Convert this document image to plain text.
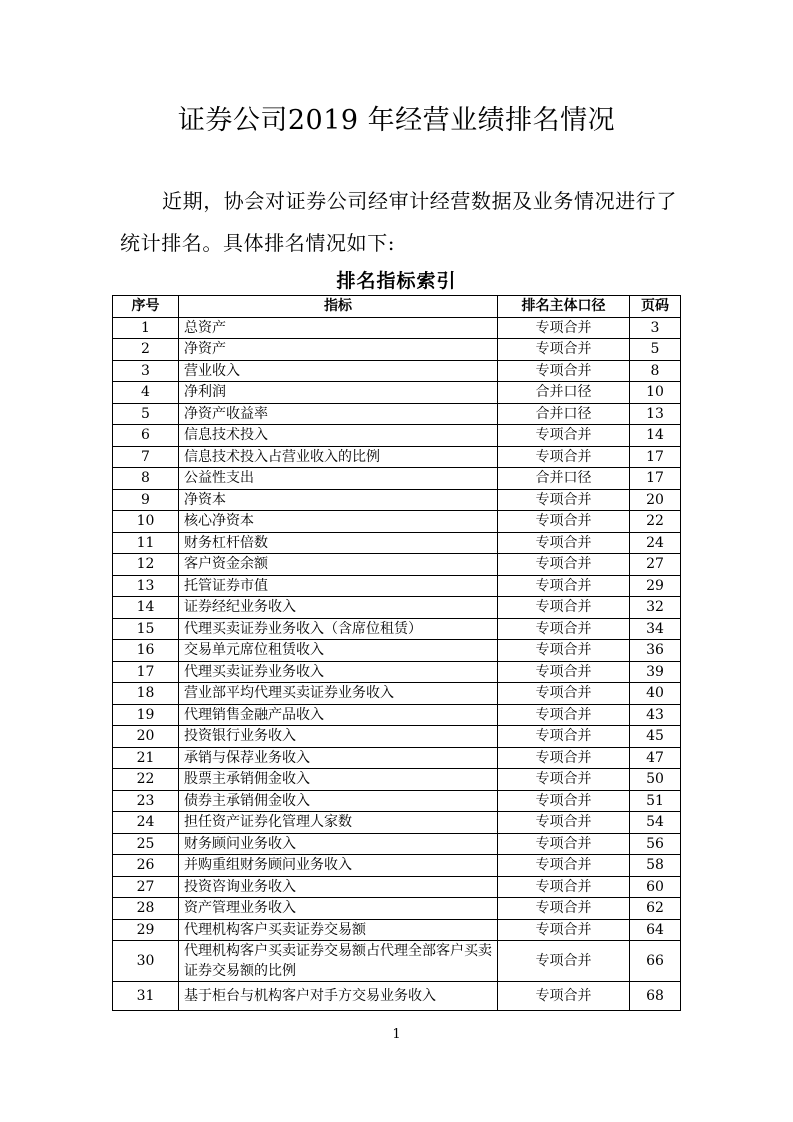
证券公司2019 年经营业绩排名情况

近期，协会对证券公司经审计经营数据及业务情况进行了统计排名。具体排名情况如下:

排名指标索引
序号	指标	排名主体口径	页码
1	总资产	专项合并	3
2	净资产	专项合并	5
3	营业收入	专项合并	8
4	净利润	合并口径	10
5	净资产收益率	合并口径	13
6	信息技术投入	专项合并	14
7	信息技术投入占营业收入的比例	专项合并	17
8	公益性支出	合并口径	17
9	净资本	专项合并	20
10	核心净资本	专项合并	22
11	财务杠杆倍数	专项合并	24
12	客户资金余额	专项合并	27
13	托管证券市值	专项合并	29
14	证券经纪业务收入	专项合并	32
15	代理买卖证券业务收入（含席位租赁）	专项合并	34
16	交易单元席位租赁收入	专项合并	36
17	代理买卖证券业务收入	专项合并	39
18	营业部平均代理买卖证券业务收入	专项合并	40
19	代理销售金融产品收入	专项合并	43
20	投资银行业务收入	专项合并	45
21	承销与保荐业务收入	专项合并	47
22	股票主承销佣金收入	专项合并	50
23	债券主承销佣金收入	专项合并	51
24	担任资产证券化管理人家数	专项合并	54
25	财务顾问业务收入	专项合并	56
26	并购重组财务顾问业务收入	专项合并	58
27	投资咨询业务收入	专项合并	60
28	资产管理业务收入	专项合并	62
29	代理机构客户买卖证券交易额	专项合并	64
30	代理机构客户买卖证券交易额占代理全部客户买卖证券交易额的比例	专项合并	66
31	基于柜台与机构客户对手方交易业务收入	专项合并	68
1
